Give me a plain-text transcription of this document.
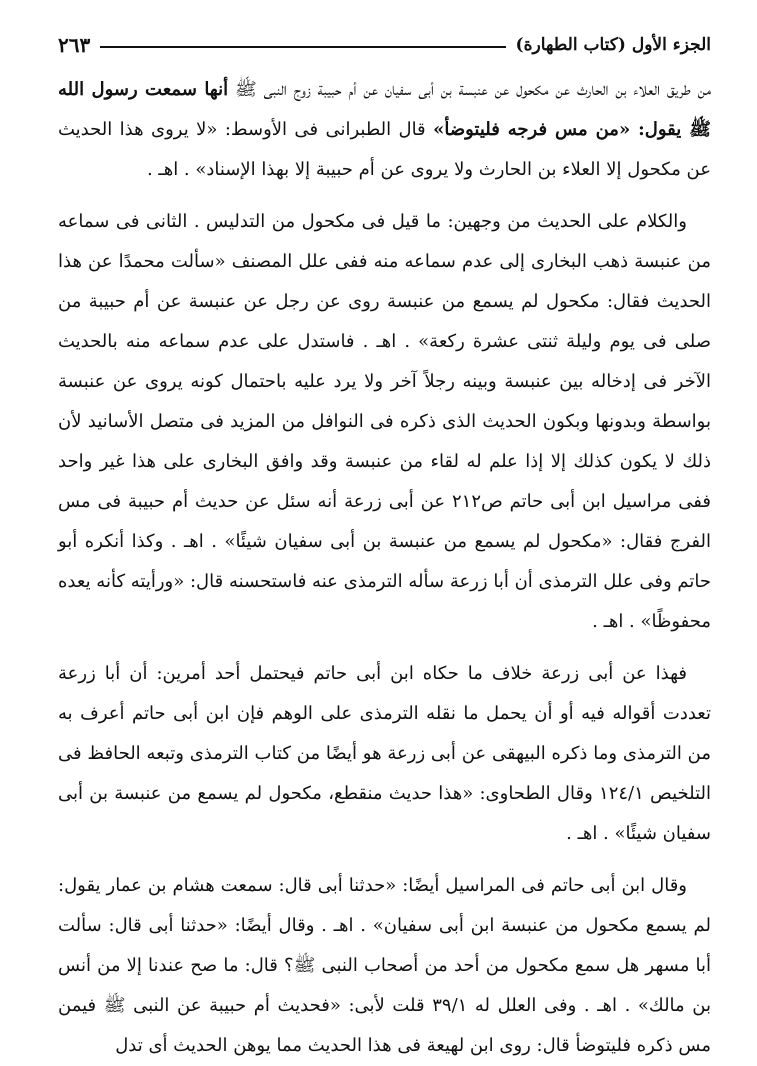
الجزء الأول (كتاب الطهارة)
٢٦٣

من طريق العلاء بن الحارث عن مكحول عن عنبسة بن أبى سفيان عن أم حبيبة زوج النبى ﷺ أنها سمعت رسول الله ﷺ يقول: «من مس فرجه فليتوضأ» قال الطبرانى فى الأوسط: «لا يروى هذا الحديث عن مكحول إلا العلاء بن الحارث ولا يروى عن أم حبيبة إلا بهذا الإسناد» . اهـ .

والكلام على الحديث من وجهين: ما قيل فى مكحول من التدليس . الثانى فى سماعه من عنبسة ذهب البخارى إلى عدم سماعه منه ففى علل المصنف «سألت محمدًا عن هذا الحديث فقال: مكحول لم يسمع من عنبسة روى عن رجل عن عنبسة عن أم حبيبة من صلى فى يوم وليلة ثنتى عشرة ركعة» . اهـ . فاستدل على عدم سماعه منه بالحديث الآخر فى إدخاله بين عنبسة وبينه رجلاً آخر ولا يرد عليه باحتمال كونه يروى عن عنبسة بواسطة وبدونها وبكون الحديث الذى ذكره فى النوافل من المزيد فى متصل الأسانيد لأن ذلك لا يكون كذلك إلا إذا علم له لقاء من عنبسة وقد وافق البخارى على هذا غير واحد ففى مراسيل ابن أبى حاتم ص٢١٢ عن أبى زرعة أنه سئل عن حديث أم حبيبة فى مس الفرج فقال: «مكحول لم يسمع من عنبسة بن أبى سفيان شيئًا» . اهـ . وكذا أنكره أبو حاتم وفى علل الترمذى أن أبا زرعة سأله الترمذى عنه فاستحسنه قال: «ورأيته كأنه يعده محفوظًا» . اهـ .

فهذا عن أبى زرعة خلاف ما حكاه ابن أبى حاتم فيحتمل أحد أمرين: أن أبا زرعة تعددت أقواله فيه أو أن يحمل ما نقله الترمذى على الوهم فإن ابن أبى حاتم أعرف به من الترمذى وما ذكره البيهقى عن أبى زرعة هو أيضًا من كتاب الترمذى وتبعه الحافظ فى التلخيص ١٢٤/١ وقال الطحاوى: «هذا حديث منقطع، مكحول لم يسمع من عنبسة بن أبى سفيان شيئًا» . اهـ .

وقال ابن أبى حاتم فى المراسيل أيضًا: «حدثنا أبى قال: سمعت هشام بن عمار يقول: لم يسمع مكحول من عنبسة ابن أبى سفيان» . اهـ . وقال أيضًا: «حدثنا أبى قال: سألت أبا مسهر هل سمع مكحول من أحد من أصحاب النبى ﷺ؟ قال: ما صح عندنا إلا من أنس بن مالك» . اهـ . وفى العلل له ٣٩/١ قلت لأبى: «فحديث أم حبيبة عن النبى ﷺ فيمن مس ذكره فليتوضأ قال: روى ابن لهيعة فى هذا الحديث مما يوهن الحديث أى تدل
